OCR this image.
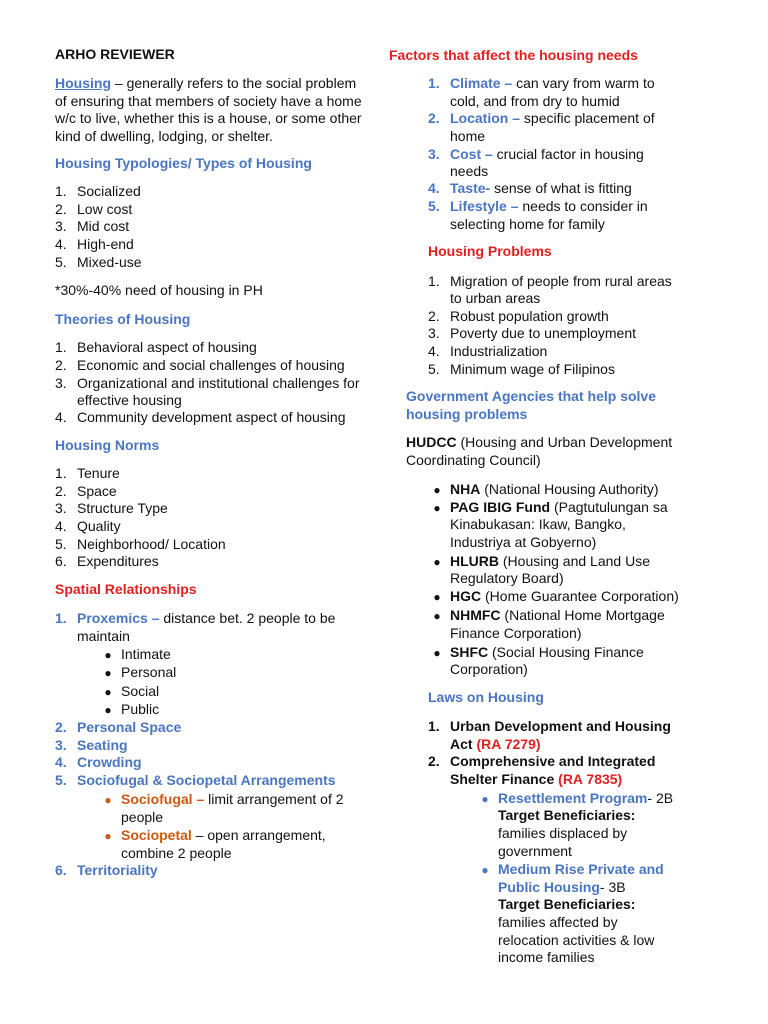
ARHO REVIEWER
Housing – generally refers to the social problem
of ensuring that members of society have a home
w/c to live, whether this is a house, or some other
kind of dwelling, lodging, or shelter.
Housing Typologies/ Types of Housing
1. Socialized
2. Low cost
3. Mid cost
4. High-end
5. Mixed-use
*30%-40% need of housing in PH
Theories of Housing
1. Behavioral aspect of housing
2. Economic and social challenges of housing
3. Organizational and institutional challenges for
effective housing
4. Community development aspect of housing
Housing Norms
1. Tenure
2. Space
3. Structure Type
4. Quality
5. Neighborhood/ Location
6. Expenditures
Spatial Relationships
1. Proxemics – distance bet. 2 people to be
maintain
● Intimate
● Personal
● Social
● Public
2. Personal Space
3. Seating
4. Crowding
5. Sociofugal & Sociopetal Arrangements
● Sociofugal – limit arrangement of 2
people
● Sociopetal – open arrangement,
combine 2 people
6. Territoriality
Factors that affect the housing needs
1. Climate – can vary from warm to
cold, and from dry to humid
2. Location – specific placement of
home
3. Cost – crucial factor in housing
needs
4. Taste- sense of what is fitting
5. Lifestyle – needs to consider in
selecting home for family
Housing Problems
1. Migration of people from rural areas
to urban areas
2. Robust population growth
3. Poverty due to unemployment
4. Industrialization
5. Minimum wage of Filipinos
Government Agencies that help solve
housing problems
HUDCC (Housing and Urban Development
Coordinating Council)
● NHA (National Housing Authority)
● PAG IBIG Fund (Pagtutulungan sa
Kinabukasan: Ikaw, Bangko,
Industriya at Gobyerno)
● HLURB (Housing and Land Use
Regulatory Board)
● HGC (Home Guarantee Corporation)
● NHMFC (National Home Mortgage
Finance Corporation)
● SHFC (Social Housing Finance
Corporation)
Laws on Housing
1. Urban Development and Housing
Act (RA 7279)
2. Comprehensive and Integrated
Shelter Finance (RA 7835)
● Resettlement Program- 2B
Target Beneficiaries:
families displaced by
government
● Medium Rise Private and
Public Housing- 3B
Target Beneficiaries:
families affected by
relocation activities & low
income families
